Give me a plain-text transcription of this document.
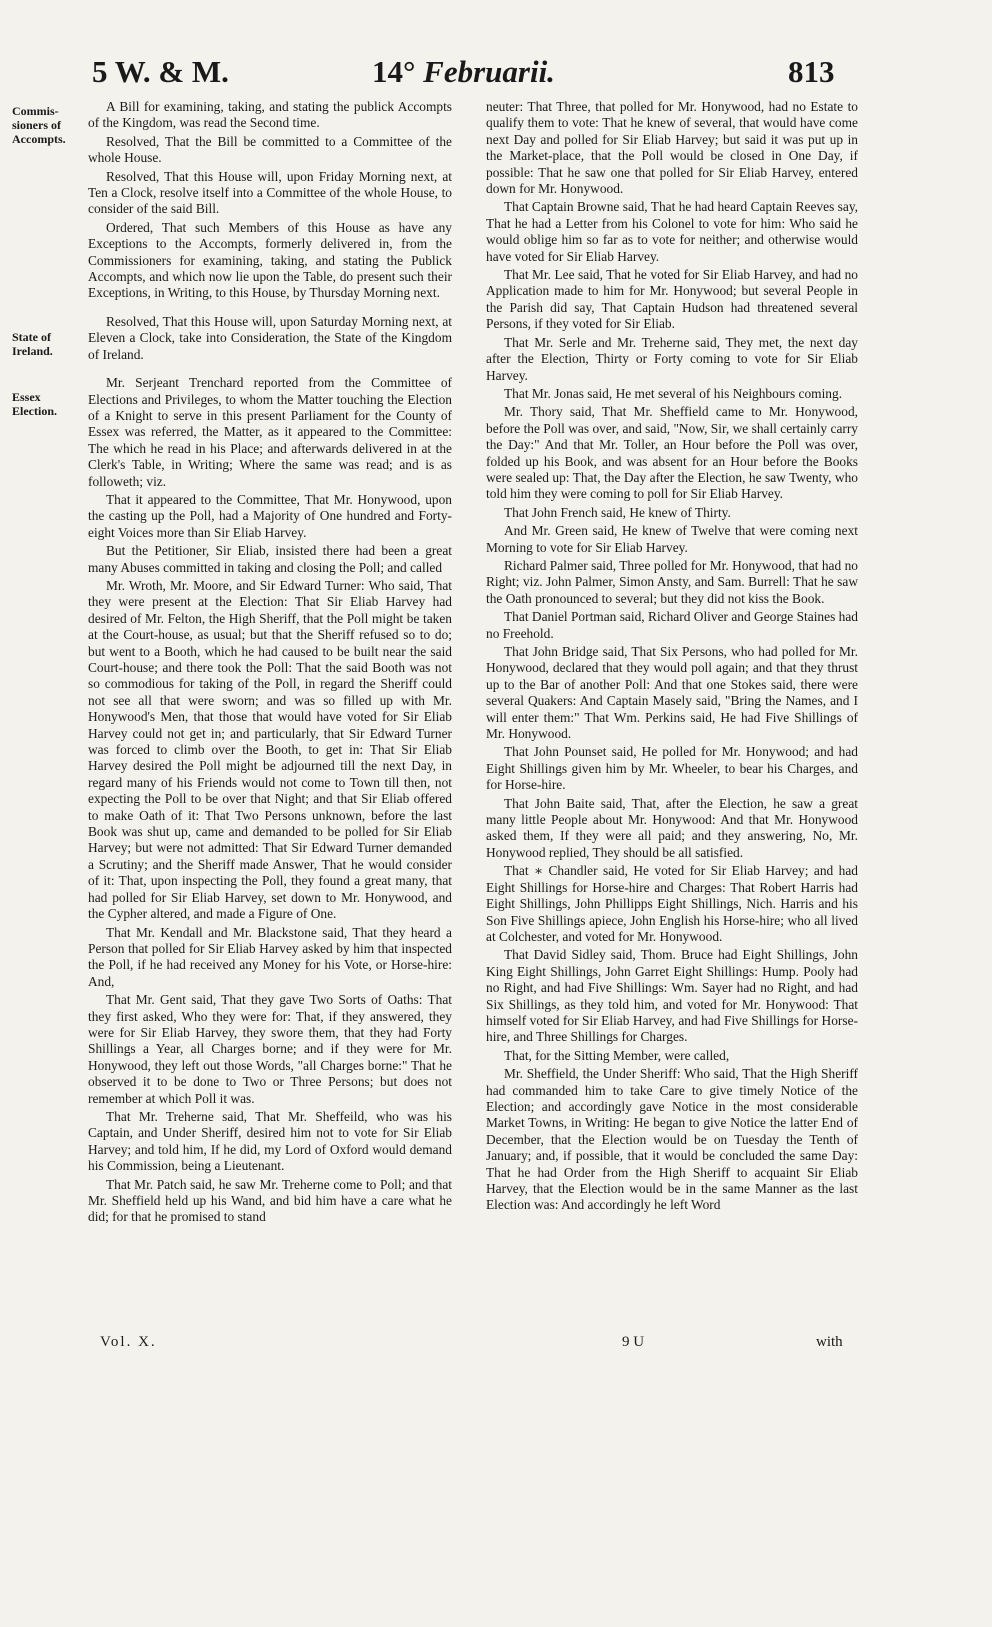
5 W. & M.	14° Februarii.	813
Commis- sioners of Accompts.
State of Ireland.
Essex Election.

A Bill for examining, taking, and stating the publick Accompts of the Kingdom, was read the Second time.

Resolved, That the Bill be committed to a Committee of the whole House.

Resolved, That this House will, upon Friday Morning next, at Ten a Clock, resolve itself into a Committee of the whole House, to consider of the said Bill.

Ordered, That such Members of this House as have any Exceptions to the Accompts, formerly delivered in, from the Commissioners for examining, taking, and stating the Publick Accompts, and which now lie upon the Table, do present such their Exceptions, in Writing, to this House, by Thursday Morning next.

Resolved, That this House will, upon Saturday Morning next, at Eleven a Clock, take into Consideration, the State of the Kingdom of Ireland.

Mr. Serjeant Trenchard reported from the Committee of Elections and Privileges, to whom the Matter touching the Election of a Knight to serve in this present Parliament for the County of Essex was referred, the Matter, as it appeared to the Committee: The which he read in his Place; and afterwards delivered in at the Clerk's Table, in Writing; Where the same was read; and is as followeth; viz.

That it appeared to the Committee, That Mr. Honywood, upon the casting up the Poll, had a Majority of One hundred and Forty-eight Voices more than Sir Eliab Harvey.

But the Petitioner, Sir Eliab, insisted there had been a great many Abuses committed in taking and closing the Poll; and called

Mr. Wroth, Mr. Moore, and Sir Edward Turner: Who said, That they were present at the Election: That Sir Eliab Harvey had desired of Mr. Felton, the High Sheriff, that the Poll might be taken at the Court-house, as usual; but that the Sheriff refused so to do; but went to a Booth, which he had caused to be built near the said Court-house; and there took the Poll: That the said Booth was not so commodious for taking of the Poll, in regard the Sheriff could not see all that were sworn; and was so filled up with Mr. Honywood's Men, that those that would have voted for Sir Eliab Harvey could not get in; and particularly, that Sir Edward Turner was forced to climb over the Booth, to get in: That Sir Eliab Harvey desired the Poll might be adjourned till the next Day, in regard many of his Friends would not come to Town till then, not expecting the Poll to be over that Night; and that Sir Eliab offered to make Oath of it: That Two Persons unknown, before the last Book was shut up, came and demanded to be polled for Sir Eliab Harvey; but were not admitted: That Sir Edward Turner demanded a Scrutiny; and the Sheriff made Answer, That he would consider of it: That, upon inspecting the Poll, they found a great many, that had polled for Sir Eliab Harvey, set down to Mr. Honywood, and the Cypher altered, and made a Figure of One.

That Mr. Kendall and Mr. Blackstone said, That they heard a Person that polled for Sir Eliab Harvey asked by him that inspected the Poll, if he had received any Money for his Vote, or Horse-hire: And,

That Mr. Gent said, That they gave Two Sorts of Oaths: That they first asked, Who they were for: That, if they answered, they were for Sir Eliab Harvey, they swore them, that they had Forty Shillings a Year, all Charges borne; and if they were for Mr. Honywood, they left out those Words, "all Charges borne:" That he observed it to be done to Two or Three Persons; but does not remember at which Poll it was.

That Mr. Treherne said, That Mr. Sheffeild, who was his Captain, and Under Sheriff, desired him not to vote for Sir Eliab Harvey; and told him, If he did, my Lord of Oxford would demand his Commission, being a Lieutenant.

That Mr. Patch said, he saw Mr. Treherne come to Poll; and that Mr. Sheffield held up his Wand, and bid him have a care what he did; for that he promised to stand

neuter: That Three, that polled for Mr. Honywood, had no Estate to qualify them to vote: That he knew of several, that would have come next Day and polled for Sir Eliab Harvey; but said it was put up in the Market-place, that the Poll would be closed in One Day, if possible: That he saw one that polled for Sir Eliab Harvey, entered down for Mr. Honywood.

That Captain Browne said, That he had heard Captain Reeves say, That he had a Letter from his Colonel to vote for him: Who said he would oblige him so far as to vote for neither; and otherwise would have voted for Sir Eliab Harvey.

That Mr. Lee said, That he voted for Sir Eliab Harvey, and had no Application made to him for Mr. Honywood; but several People in the Parish did say, That Captain Hudson had threatened several Persons, if they voted for Sir Eliab.

That Mr. Serle and Mr. Treherne said, They met, the next day after the Election, Thirty or Forty coming to vote for Sir Eliab Harvey.

That Mr. Jonas said, He met several of his Neighbours coming.

Mr. Thory said, That Mr. Sheffield came to Mr. Honywood, before the Poll was over, and said, "Now, Sir, we shall certainly carry the Day:" And that Mr. Toller, an Hour before the Poll was over, folded up his Book, and was absent for an Hour before the Books were sealed up: That, the Day after the Election, he saw Twenty, who told him they were coming to poll for Sir Eliab Harvey.

That John French said, He knew of Thirty.

And Mr. Green said, He knew of Twelve that were coming next Morning to vote for Sir Eliab Harvey.

Richard Palmer said, Three polled for Mr. Honywood, that had no Right; viz. John Palmer, Simon Ansty, and Sam. Burrell: That he saw the Oath pronounced to several; but they did not kiss the Book.

That Daniel Portman said, Richard Oliver and George Staines had no Freehold.

That John Bridge said, That Six Persons, who had polled for Mr. Honywood, declared that they would poll again; and that they thrust up to the Bar of another Poll: And that one Stokes said, there were several Quakers: And Captain Masely said, "Bring the Names, and I will enter them:" That Wm. Perkins said, He had Five Shillings of Mr. Honywood.

That John Pounset said, He polled for Mr. Honywood; and had Eight Shillings given him by Mr. Wheeler, to bear his Charges, and for Horse-hire.

That John Baite said, That, after the Election, he saw a great many little People about Mr. Honywood: And that Mr. Honywood asked them, If they were all paid; and they answering, No, Mr. Honywood replied, They should be all satisfied.

That ∗ Chandler said, He voted for Sir Eliab Harvey; and had Eight Shillings for Horse-hire and Charges: That Robert Harris had Eight Shillings, John Phillipps Eight Shillings, Nich. Harris and his Son Five Shillings apiece, John English his Horse-hire; who all lived at Colchester, and voted for Mr. Honywood.

That David Sidley said, Thom. Bruce had Eight Shillings, John King Eight Shillings, John Garret Eight Shillings: Hump. Pooly had no Right, and had Five Shillings: Wm. Sayer had no Right, and had Six Shillings, as they told him, and voted for Mr. Honywood: That himself voted for Sir Eliab Harvey, and had Five Shillings for Horse-hire, and Three Shillings for Charges.

That, for the Sitting Member, were called,

Mr. Sheffield, the Under Sheriff: Who said, That the High Sheriff had commanded him to take Care to give timely Notice of the Election; and accordingly gave Notice in the most considerable Market Towns, in Writing: He began to give Notice the latter End of December, that the Election would be on Tuesday the Tenth of January; and, if possible, that it would be concluded the same Day: That he had Order from the High Sheriff to acquaint Sir Eliab Harvey, that the Election would be in the same Manner as the last Election was: And accordingly he left Word

Vol. X.	9 U	with
